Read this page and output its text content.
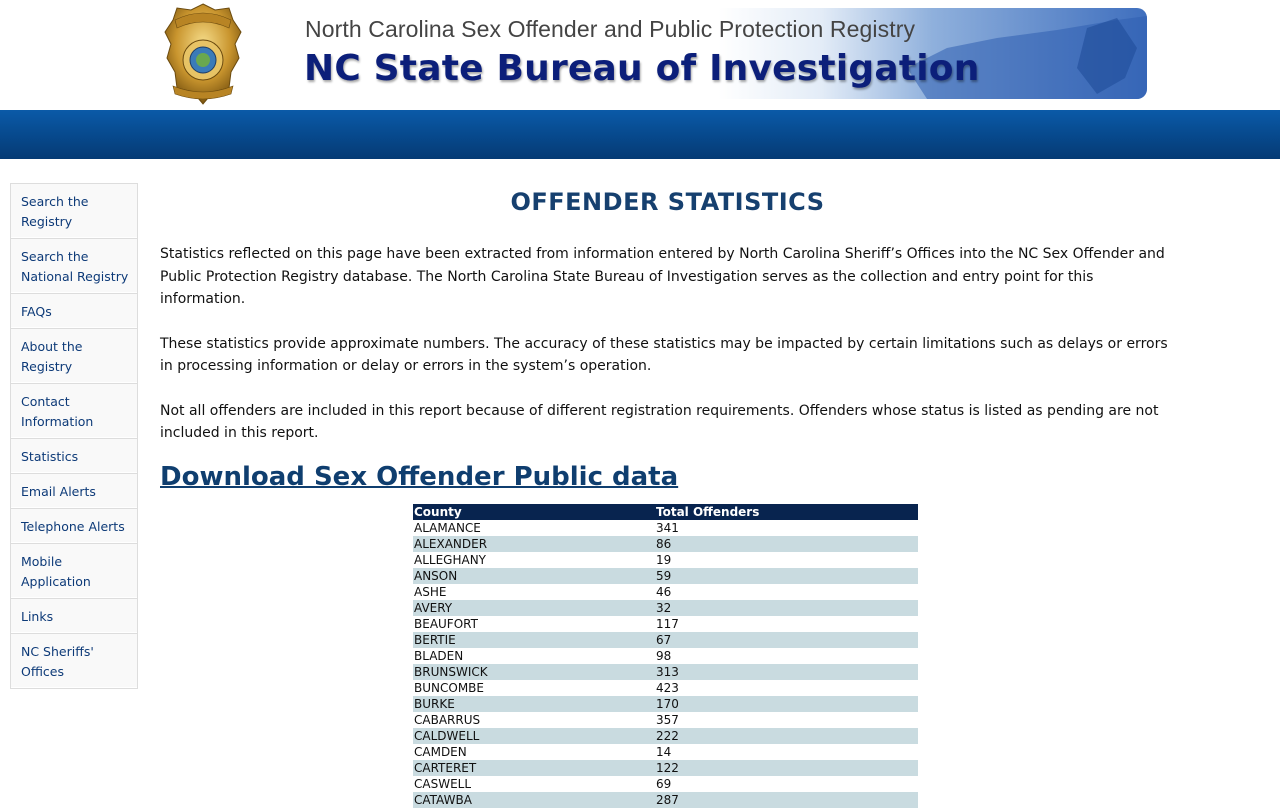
North Carolina Sex Offender and Public Protection Registry
NC State Bureau of Investigation
Search the Registry
Search the National Registry
FAQs
About the Registry
Contact Information
Statistics
Email Alerts
Telephone Alerts
Mobile Application
Links
NC Sheriffs' Offices
OFFENDER STATISTICS

Statistics reflected on this page have been extracted from information entered by North Carolina Sheriff’s Offices into the NC Sex Offender and Public Protection Registry database. The North Carolina State Bureau of Investigation serves as the collection and entry point for this information.

These statistics provide approximate numbers. The accuracy of these statistics may be impacted by certain limitations such as delays or errors in processing information or delay or errors in the system’s operation.

Not all offenders are included in this report because of different registration requirements. Offenders whose status is listed as pending are not included in this report.

Download Sex Offender Public data
County	Total Offenders
ALAMANCE	341
ALEXANDER	86
ALLEGHANY	19
ANSON	59
ASHE	46
AVERY	32
BEAUFORT	117
BERTIE	67
BLADEN	98
BRUNSWICK	313
BUNCOMBE	423
BURKE	170
CABARRUS	357
CALDWELL	222
CAMDEN	14
CARTERET	122
CASWELL	69
CATAWBA	287
